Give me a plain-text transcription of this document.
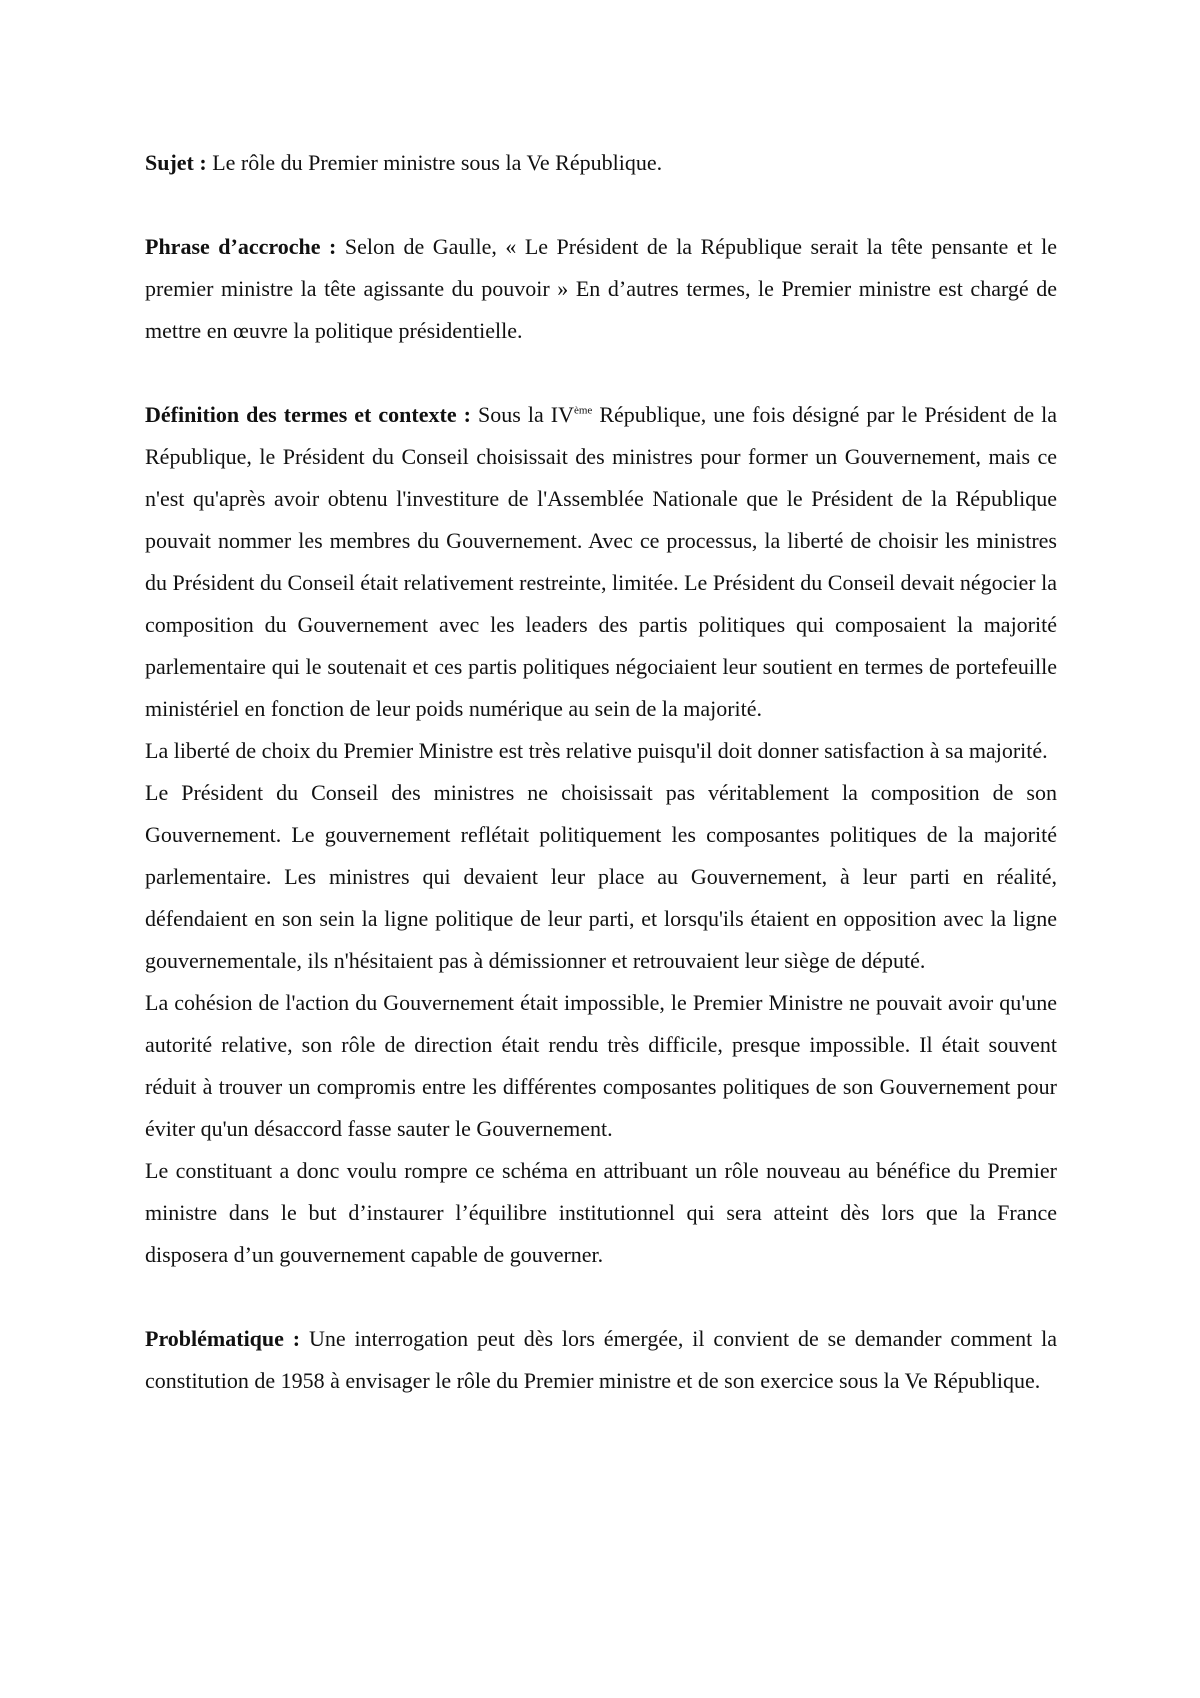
Sujet : Le rôle du Premier ministre sous la Ve République.

Phrase d’accroche : Selon de Gaulle, « Le Président de la République serait la tête pensante et le premier ministre la tête agissante du pouvoir » En d’autres termes, le Premier ministre est chargé de mettre en œuvre la politique présidentielle.

Définition des termes et contexte : Sous la IVème République, une fois désigné par le Président de la République, le Président du Conseil choisissait des ministres pour former un Gouvernement, mais ce n'est qu'après avoir obtenu l'investiture de l'Assemblée Nationale que le Président de la République pouvait nommer les membres du Gouvernement. Avec ce processus, la liberté de choisir les ministres du Président du Conseil était relativement restreinte, limitée. Le Président du Conseil devait négocier la composition du Gouvernement avec les leaders des partis politiques qui composaient la majorité parlementaire qui le soutenait et ces partis politiques négociaient leur soutient en termes de portefeuille ministériel en fonction de leur poids numérique au sein de la majorité.

La liberté de choix du Premier Ministre est très relative puisqu'il doit donner satisfaction à sa majorité.

Le Président du Conseil des ministres ne choisissait pas véritablement la composition de son Gouvernement. Le gouvernement reflétait politiquement les composantes politiques de la majorité parlementaire. Les ministres qui devaient leur place au Gouvernement, à leur parti en réalité, défendaient en son sein la ligne politique de leur parti, et lorsqu'ils étaient en opposition avec la ligne gouvernementale, ils n'hésitaient pas à démissionner et retrouvaient leur siège de député.

La cohésion de l'action du Gouvernement était impossible, le Premier Ministre ne pouvait avoir qu'une autorité relative, son rôle de direction était rendu très difficile, presque impossible. Il était souvent réduit à trouver un compromis entre les différentes composantes politiques de son Gouvernement pour éviter qu'un désaccord fasse sauter le Gouvernement.

Le constituant a donc voulu rompre ce schéma en attribuant un rôle nouveau au bénéfice du Premier ministre dans le but d’instaurer l’équilibre institutionnel qui sera atteint dès lors que la France disposera d’un gouvernement capable de gouverner.

Problématique : Une interrogation peut dès lors émergée, il convient de se demander comment la constitution de 1958 à envisager le rôle du Premier ministre et de son exercice sous la Ve République.
